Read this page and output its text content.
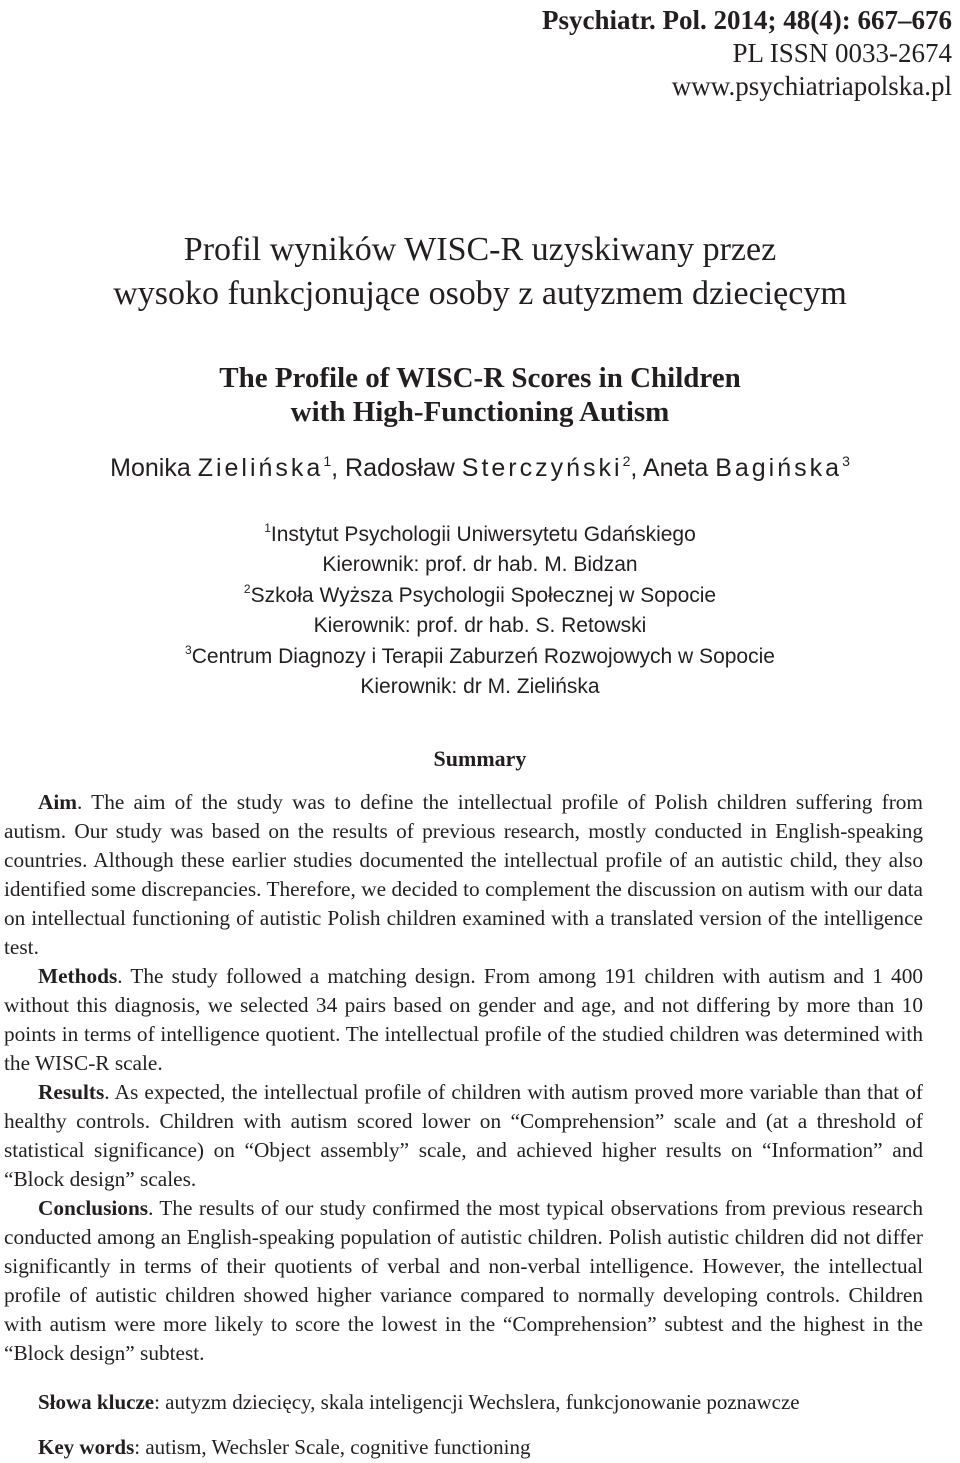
Psychiatr. Pol. 2014; 48(4): 667–676
PL ISSN 0033-2674
www.psychiatriapolska.pl
Profil wyników WISC-R uzyskiwany przez
wysoko funkcjonujące osoby z autyzmem dziecięcym
The Profile of WISC-R Scores in Children
with High-Functioning Autism
Monika Zielińska$^1$, Radosław Sterczyński$^2$, Aneta Bagińska$^3$
$^1$Instytut Psychologii Uniwersytetu Gdańskiego
Kierownik: prof. dr hab. M. Bidzan
$^2$Szkoła Wyższa Psychologii Społecznej w Sopocie
Kierownik: prof. dr hab. S. Retowski
$^3$Centrum Diagnozy i Terapii Zaburzeń Rozwojowych w Sopocie
Kierownik: dr M. Zielińska
Summary

Aim. The aim of the study was to define the intellectual profile of Polish children suffering from autism. Our study was based on the results of previous research, mostly conducted in English-speaking countries. Although these earlier studies documented the intellectual profile of an autistic child, they also identified some discrepancies. Therefore, we decided to complement the discussion on autism with our data on intellectual functioning of autistic Polish children examined with a translated version of the intelligence test.

Methods. The study followed a matching design. From among 191 children with autism and 1 400 without this diagnosis, we selected 34 pairs based on gender and age, and not differing by more than 10 points in terms of intelligence quotient. The intellectual profile of the studied children was determined with the WISC-R scale.

Results. As expected, the intellectual profile of children with autism proved more variable than that of healthy controls. Children with autism scored lower on “Comprehension” scale and (at a threshold of statistical significance) on “Object assembly” scale, and achieved higher results on “Information” and “Block design” scales.

Conclusions. The results of our study confirmed the most typical observations from previous research conducted among an English-speaking population of autistic children. Polish autistic children did not differ significantly in terms of their quotients of verbal and non-verbal intelligence. However, the intellectual profile of autistic children showed higher variance compared to normally developing controls. Children with autism were more likely to score the lowest in the “Comprehension” subtest and the highest in the “Block design” subtest.

Słowa klucze: autyzm dziecięcy, skala inteligencji Wechslera, funkcjonowanie poznawcze
Key words: autism, Wechsler Scale, cognitive functioning
